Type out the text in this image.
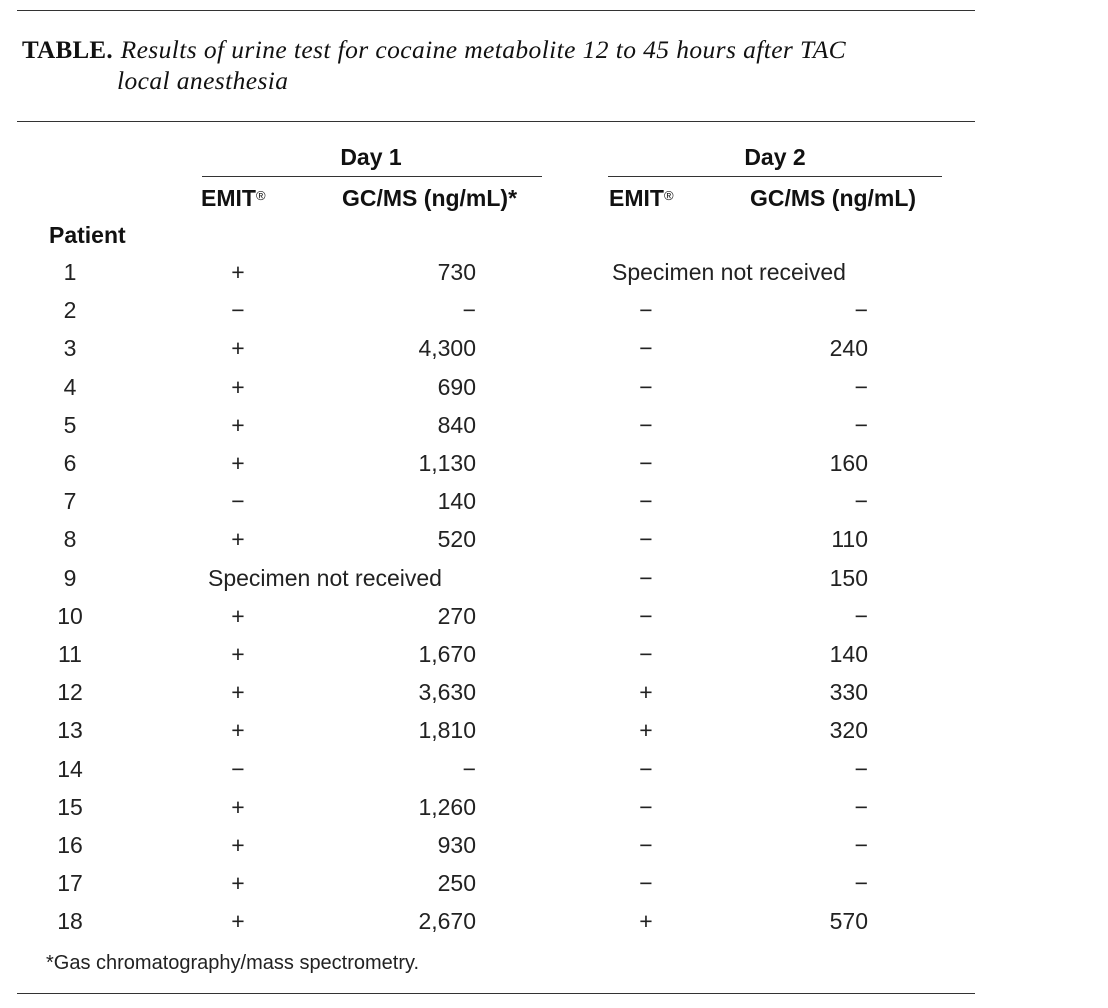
TABLE. Results of urine test for cocaine metabolite 12 to 45 hours after TAC
local anesthesia
Day 1	Day 2
EMIT®	GC/MS (ng/mL)*	EMIT®	GC/MS (ng/mL)
Patient
1	+	730	Specimen not received
2	−	−	−	−
3	+	4,300	−	240
4	+	690	−	−
5	+	840	−	−
6	+	1,130	−	160
7	−	140	−	−
8	+	520	−	110
9	Specimen not received	−	150
10	+	270	−	−
11	+	1,670	−	140
12	+	3,630	+	330
13	+	1,810	+	320
14	−	−	−	−
15	+	1,260	−	−
16	+	930	−	−
17	+	250	−	−
18	+	2,670	+	570
*Gas chromatography/mass spectrometry.
